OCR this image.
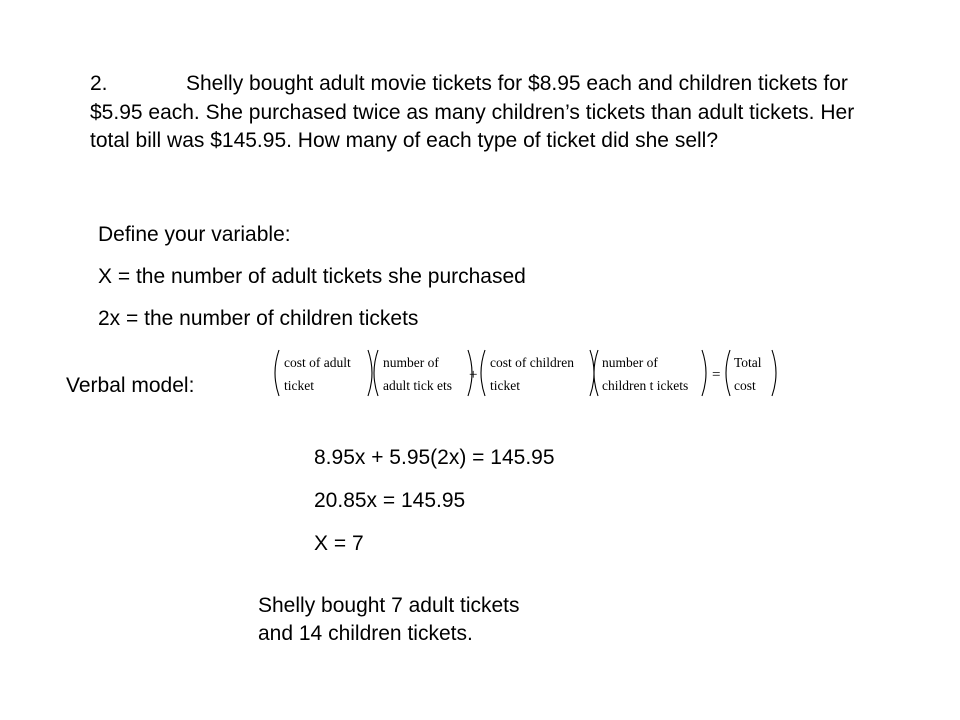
2.	Shelly bought adult movie tickets for $8.95 each and children tickets for $5.95 each. She purchased twice as many children’s tickets than adult tickets. Her total bill was $145.95. How many of each type of ticket did she sell?
Define your variable:
X = the number of adult tickets she purchased
2x = the number of children tickets
Verbal model:
cost of adult
ticket
number of
adult tick ets
+
cost of children
ticket
number of
children t ickets
=
Total
cost
8.95x + 5.95(2x) = 145.95
20.85x = 145.95
X = 7
Shelly bought 7 adult tickets
and 14 children tickets.
